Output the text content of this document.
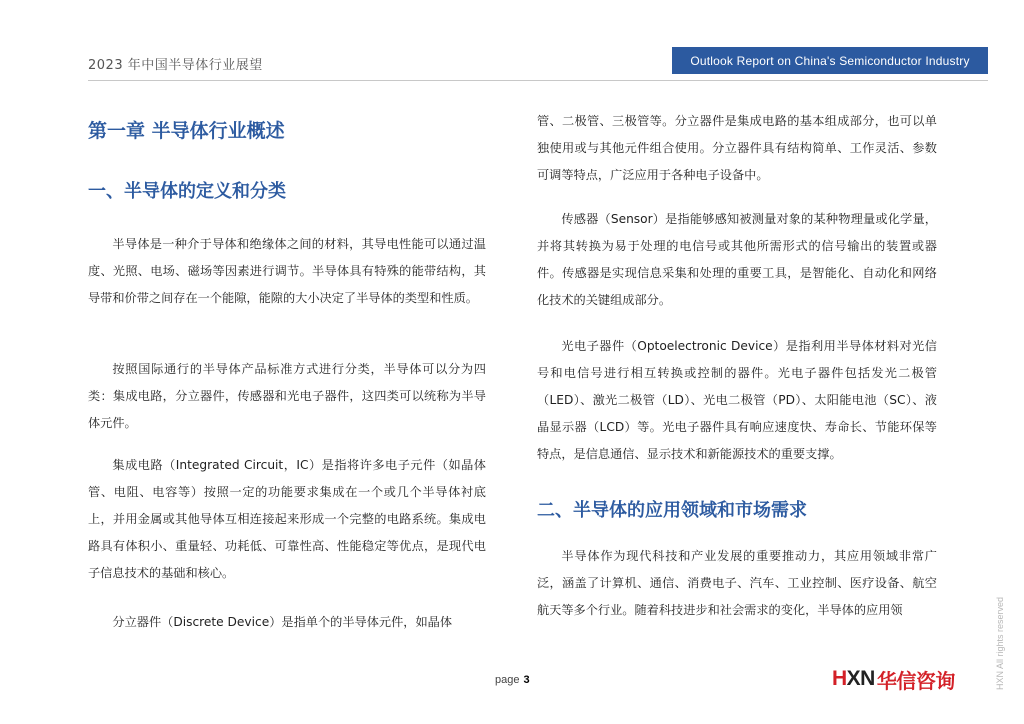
2023 年中国半导体行业展望	Outlook Report on China's Semiconductor Industry
第一章 半导体行业概述
一、半导体的定义和分类

半导体是一种介于导体和绝缘体之间的材料，其导电性能可以通过温度、光照、电场、磁场等因素进行调节。半导体具有特殊的能带结构，其导带和价带之间存在一个能隙，能隙的大小决定了半导体的类型和性质。

按照国际通行的半导体产品标准方式进行分类，半导体可以分为四类：集成电路，分立器件，传感器和光电子器件，这四类可以统称为半导体元件。

集成电路（Integrated Circuit，IC）是指将许多电子元件（如晶体管、电阻、电容等）按照一定的功能要求集成在一个或几个半导体衬底上，并用金属或其他导体互相连接起来形成一个完整的电路系统。集成电路具有体积小、重量轻、功耗低、可靠性高、性能稳定等优点，是现代电子信息技术的基础和核心。

分立器件（Discrete Device）是指单个的半导体元件，如晶体

管、二极管、三极管等。分立器件是集成电路的基本组成部分，也可以单独使用或与其他元件组合使用。分立器件具有结构简单、工作灵活、参数可调等特点，广泛应用于各种电子设备中。

传感器（Sensor）是指能够感知被测量对象的某种物理量或化学量，并将其转换为易于处理的电信号或其他所需形式的信号输出的装置或器件。传感器是实现信息采集和处理的重要工具，是智能化、自动化和网络化技术的关键组成部分。

光电子器件（Optoelectronic Device）是指利用半导体材料对光信号和电信号进行相互转换或控制的器件。光电子器件包括发光二极管（LED）、激光二极管（LD）、光电二极管（PD）、太阳能电池（SC）、液晶显示器（LCD）等。光电子器件具有响应速度快、寿命长、节能环保等特点，是信息通信、显示技术和新能源技术的重要支撑。

二、半导体的应用领域和市场需求

半导体作为现代科技和产业发展的重要推动力，其应用领域非常广泛，涵盖了计算机、通信、消费电子、汽车、工业控制、医疗设备、航空航天等多个行业。随着科技进步和社会需求的变化，半导体的应用领

page 3	H XN 华信咨询	HXN All rights reserved
